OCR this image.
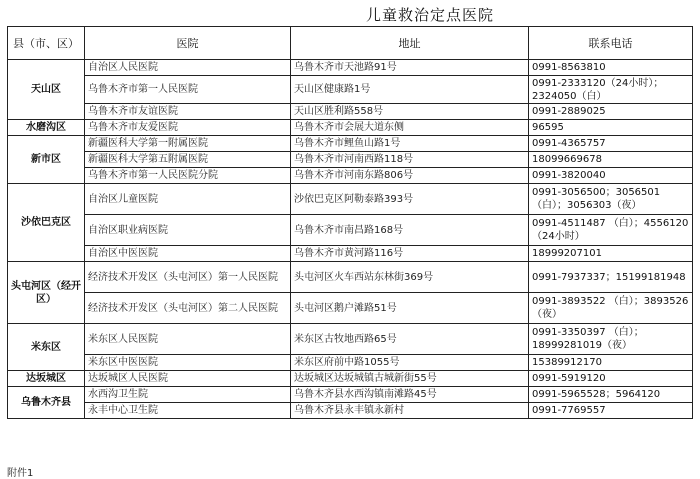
儿童救治定点医院
县（市、区）	医院	地址	联系电话
天山区	自治区人民医院	乌鲁木齐市天池路91号	0991-8563810
	乌鲁木齐市第一人民医院	天山区健康路1号	0991-2333120（24小时）；2324050（白）
	乌鲁木齐市友谊医院	天山区胜利路558号	0991-2889025
水磨沟区	乌鲁木齐市友爱医院	乌鲁木齐市会展大道东侧	96595
新市区	新疆医科大学第一附属医院	乌鲁木齐市鲤鱼山路1号	0991-4365757
	新疆医科大学第五附属医院	乌鲁木齐市河南西路118号	18099669678
	乌鲁木齐市第一人民医院分院	乌鲁木齐市河南东路806号	0991-3820040
沙依巴克区	自治区儿童医院	沙依巴克区阿勒泰路393号	0991-3056500；3056501（白）；3056303（夜）
	自治区职业病医院	乌鲁木齐市南昌路168号	0991-4511487 （白）；4556120（24小时）
	自治区中医医院	乌鲁木齐市黄河路116号	18999207101
头屯河区（经开区）	经济技术开发区（头屯河区）第一人民医院	头屯河区火车西站东林街369号	0991-7937337；15199181948
	经济技术开发区（头屯河区）第二人民医院	头屯河区鹅户滩路51号	0991-3893522 （白）；3893526（夜）
米东区	米东区人民医院	米东区古牧地西路65号	0991-3350397 （白）；18999281019（夜）
	米东区中医医院	米东区府前中路1055号	15389912170
达坂城区	达坂城区人民医院	达坂城区达坂城镇古城新街55号	0991-5919120
乌鲁木齐县	水西沟卫生院	乌鲁木齐县水西沟镇南滩路45号	0991-5965528；5964120
	永丰中心卫生院	乌鲁木齐县永丰镇永新村	0991-7769557
附件1
